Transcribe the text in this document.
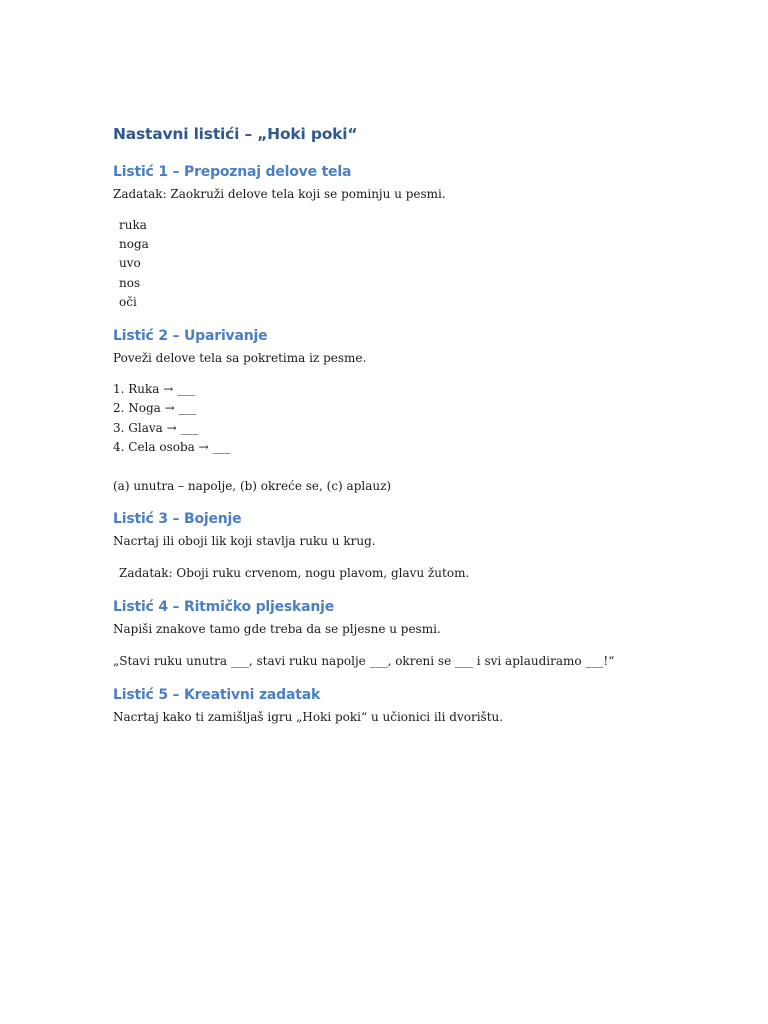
Nastavni listići – „Hoki poki“
Listić 1 – Prepoznaj delove tela

Zadatak: Zaokruži delove tela koji se pominju u pesmi.

ruka
noga
uvo
nos
oči
Listić 2 – Uparivanje

Poveži delove tela sa pokretima iz pesme.

1. Ruka → ___
2. Noga → ___
3. Glava → ___
4. Cela osoba → ___

(a) unutra – napolje, (b) okreće se, (c) aplauz)

Listić 3 – Bojenje

Nacrtaj ili oboji lik koji stavlja ruku u krug.

Zadatak: Oboji ruku crvenom, nogu plavom, glavu žutom.

Listić 4 – Ritmičko pljeskanje

Napiši znakove tamo gde treba da se pljesne u pesmi.

„Stavi ruku unutra ___, stavi ruku napolje ___, okreni se ___ i svi aplaudiramo ___!“

Listić 5 – Kreativni zadatak

Nacrtaj kako ti zamišljaš igru „Hoki poki“ u učionici ili dvorištu.
